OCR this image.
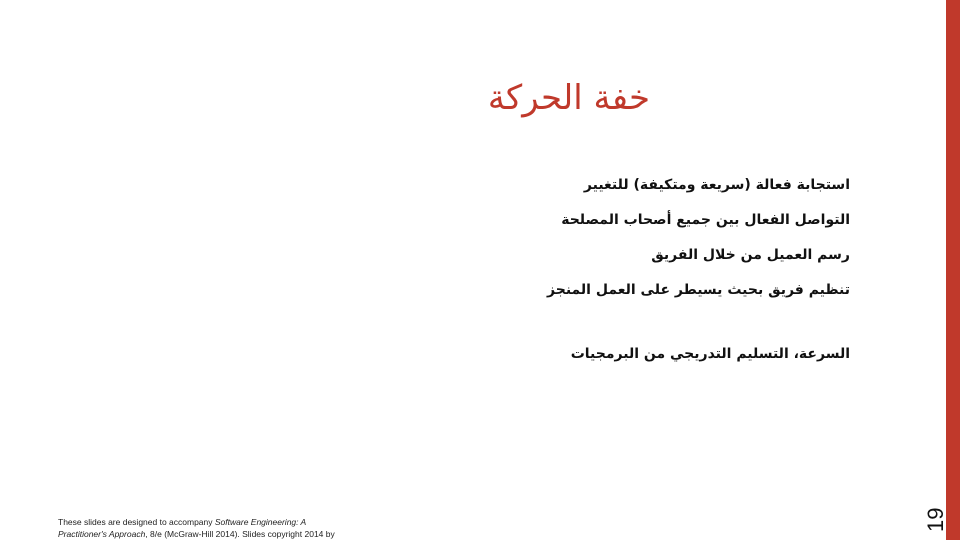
خفة الحركة
استجابة فعالة (سريعة ومتكيفة) للتغيير
التواصل الفعال بين جميع أصحاب المصلحة
رسم العميل من خلال الفريق
تنظيم فريق بحيث يسيطر على العمل المنجز
السرعة، التسليم التدريجي من البرمجيات
19
These slides are designed to accompany Software Engineering: A
Practitioner's Approach, 8/e (McGraw-Hill 2014). Slides copyright 2014 by
